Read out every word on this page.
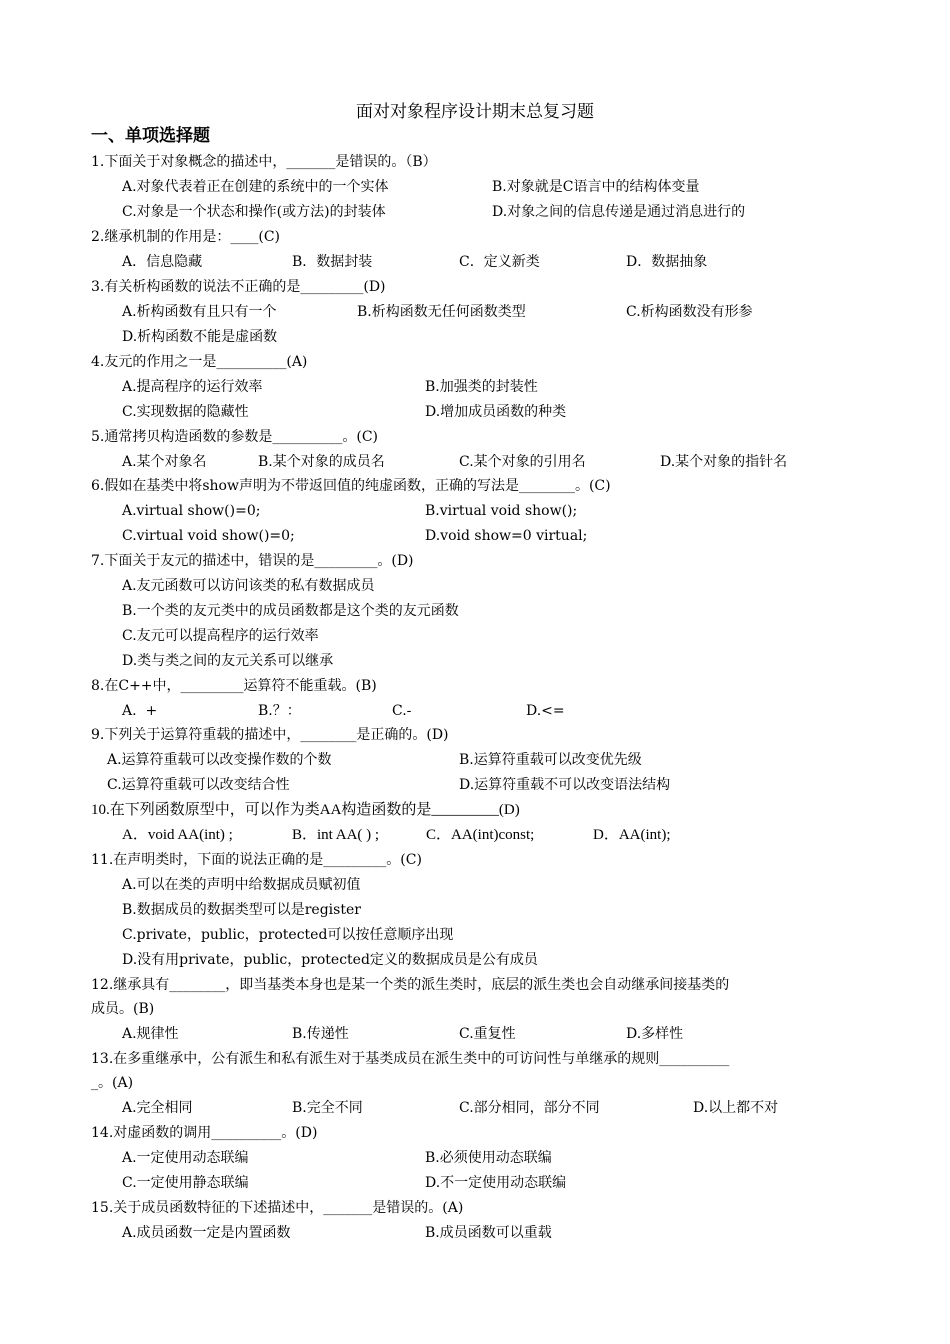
面对对象程序设计期末总复习题
一、单项选择题
1.下面关于对象概念的描述中，_______是错误的。（B）
A.对象代表着正在创建的系统中的一个实体	B.对象就是C语言中的结构体变量
C.对象是一个状态和操作(或方法)的封装体	D.对象之间的信息传递是通过消息进行的
2.继承机制的作用是：____(C)
A．信息隐藏	B．数据封装	C．定义新类	D．数据抽象
3.有关析构函数的说法不正确的是_________(D)
A.析构函数有且只有一个	B.析构函数无任何函数类型	C.析构函数没有形参
D.析构函数不能是虚函数
4.友元的作用之一是__________(A)
A.提高程序的运行效率	B.加强类的封装性
C.实现数据的隐藏性	D.增加成员函数的种类
5.通常拷贝构造函数的参数是__________。(C)
A.某个对象名	B.某个对象的成员名	C.某个对象的引用名	D.某个对象的指针名
6.假如在基类中将show声明为不带返回值的纯虚函数，正确的写法是________。(C)
A.virtual show()=0;	B.virtual void show();
C.virtual void show()=0;	D.void show=0 virtual;
7.下面关于友元的描述中，错误的是_________。(D)
A.友元函数可以访问该类的私有数据成员
B.一个类的友元类中的成员函数都是这个类的友元函数
C.友元可以提高程序的运行效率
D.类与类之间的友元关系可以继承
8.在C++中，_________运算符不能重载。(B)
A.  +	B.？：	C.-	D.<=
9.下列关于运算符重载的描述中，________是正确的。(D)
A.运算符重载可以改变操作数的个数	B.运算符重载可以改变优先级
C.运算符重载可以改变结合性	D.运算符重载不可以改变语法结构
10.在下列函数原型中，可以作为类AA构造函数的是_________(D)
A．void AA(int) ;	B．int AA( ) ;	C．AA(int)const;	D．AA(int);
11.在声明类时，下面的说法正确的是_________。(C)
A.可以在类的声明中给数据成员赋初值
B.数据成员的数据类型可以是register
C.private，public，protected可以按任意顺序出现
D.没有用private，public，protected定义的数据成员是公有成员
12.继承具有________，即当基类本身也是某一个类的派生类时，底层的派生类也会自动继承间接基类的
成员。(B)
A.规律性	B.传递性	C.重复性	D.多样性
13.在多重继承中，公有派生和私有派生对于基类成员在派生类中的可访问性与单继承的规则__________
_。(A)
A.完全相同	B.完全不同	C.部分相同，部分不同	D.以上都不对
14.对虚函数的调用__________。(D)
A.一定使用动态联编	B.必须使用动态联编
C.一定使用静态联编	D.不一定使用动态联编
15.关于成员函数特征的下述描述中，_______是错误的。(A)
A.成员函数一定是内置函数	B.成员函数可以重载
